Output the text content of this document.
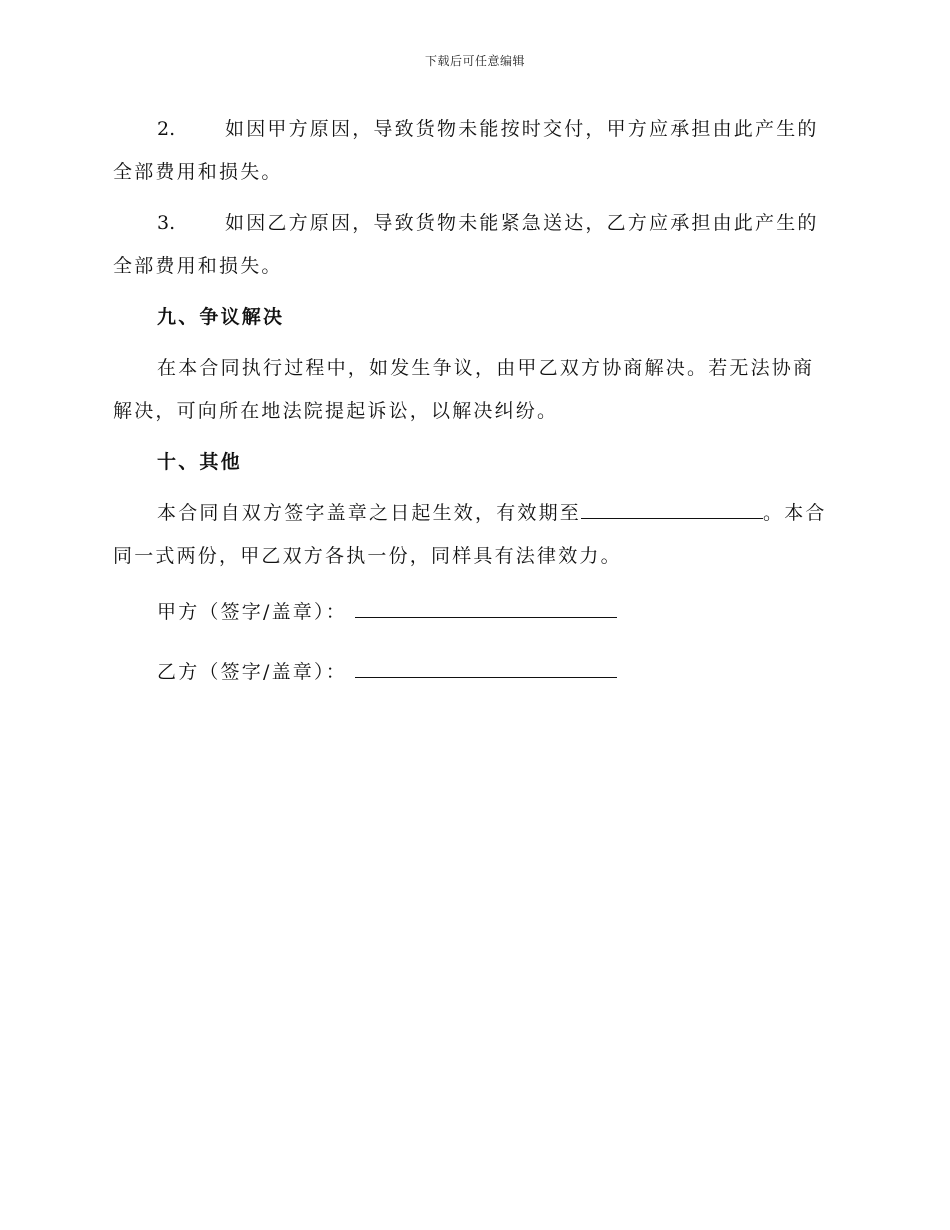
下载后可任意编辑

2.	如因甲方原因，导致货物未能按时交付，甲方应承担由此产生的全部费用和损失。

3.	如因乙方原因，导致货物未能紧急送达，乙方应承担由此产生的全部费用和损失。

九、争议解决

在本合同执行过程中，如发生争议，由甲乙双方协商解决。若无法协商解决，可向所在地法院提起诉讼，以解决纠纷。

十、其他

本合同自双方签字盖章之日起生效，有效期至	。本合同一式两份，甲乙双方各执一份，同样具有法律效力。

甲方（签字/盖章）：

乙方（签字/盖章）：
